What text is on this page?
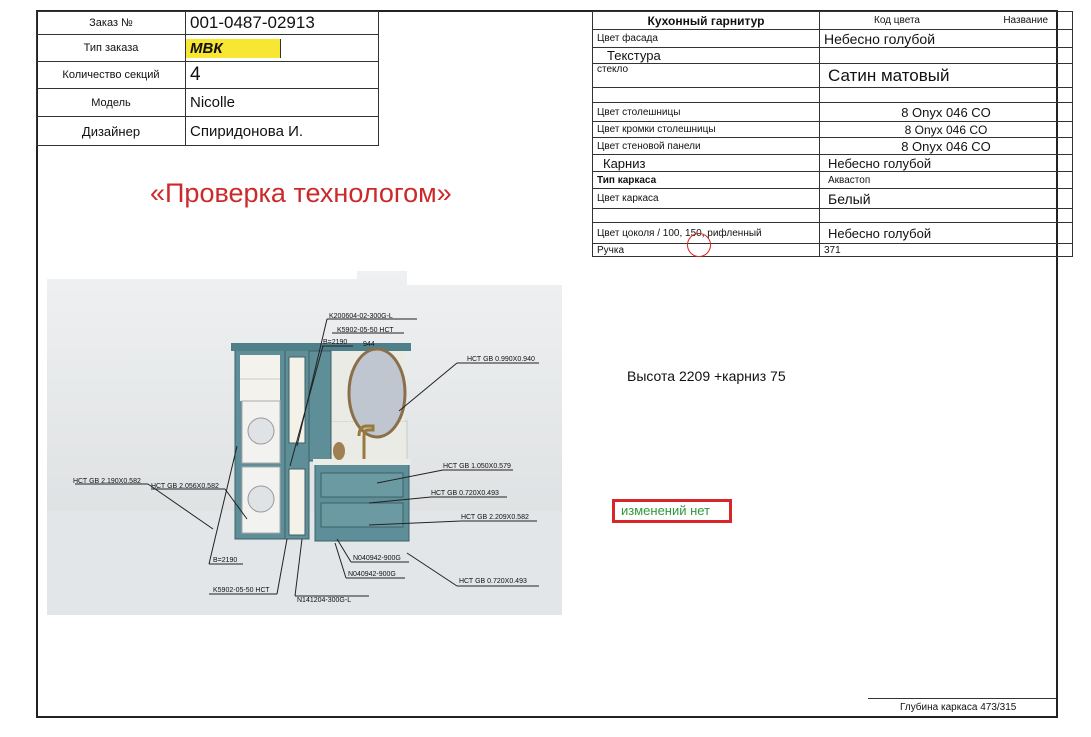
Заказ №	001-0487-02913
Тип заказа	МВК
Количество секций	4
Модель	Nicolle
Дизайнер	Спиридонова И.
«Проверка технологом»
Кухонный гарнитур	Код цвета Название

Цвет фасада	Небесно голубой
Текстура	
стекло	Сатин матовый

Цвет столешницы	8 Onyx 046 CO
Цвет кромки столешницы	8 Onyx 046 CO
Цвет стеновой панели	8 Onyx 046 CO
Карниз	Небесно голубой
Тип каркаса	Аквастоп
Цвет каркаса	Белый

Цвет цоколя / 100, 150, рифленный	Небесно голубой
Ручка	371
Высота 2209 +карниз 75
изменений нет
Глубина каркаса 473/315
K200604-02-300G-L
K5902-05-50 НСТ
B=2190 944
НСТ GB 0.990X0.940
НСТ GB 2.190X0.582
НСТ GB 2.056X0.582
НСТ GB 1.050X0.579
НСТ GB 0.720X0.493
НСТ GB 2.209X0.582
N040942-900G
N040942-900G
НСТ GB 0.720X0.493
B=2190
K5902-05-50 НСТ
N141204-300G-L
